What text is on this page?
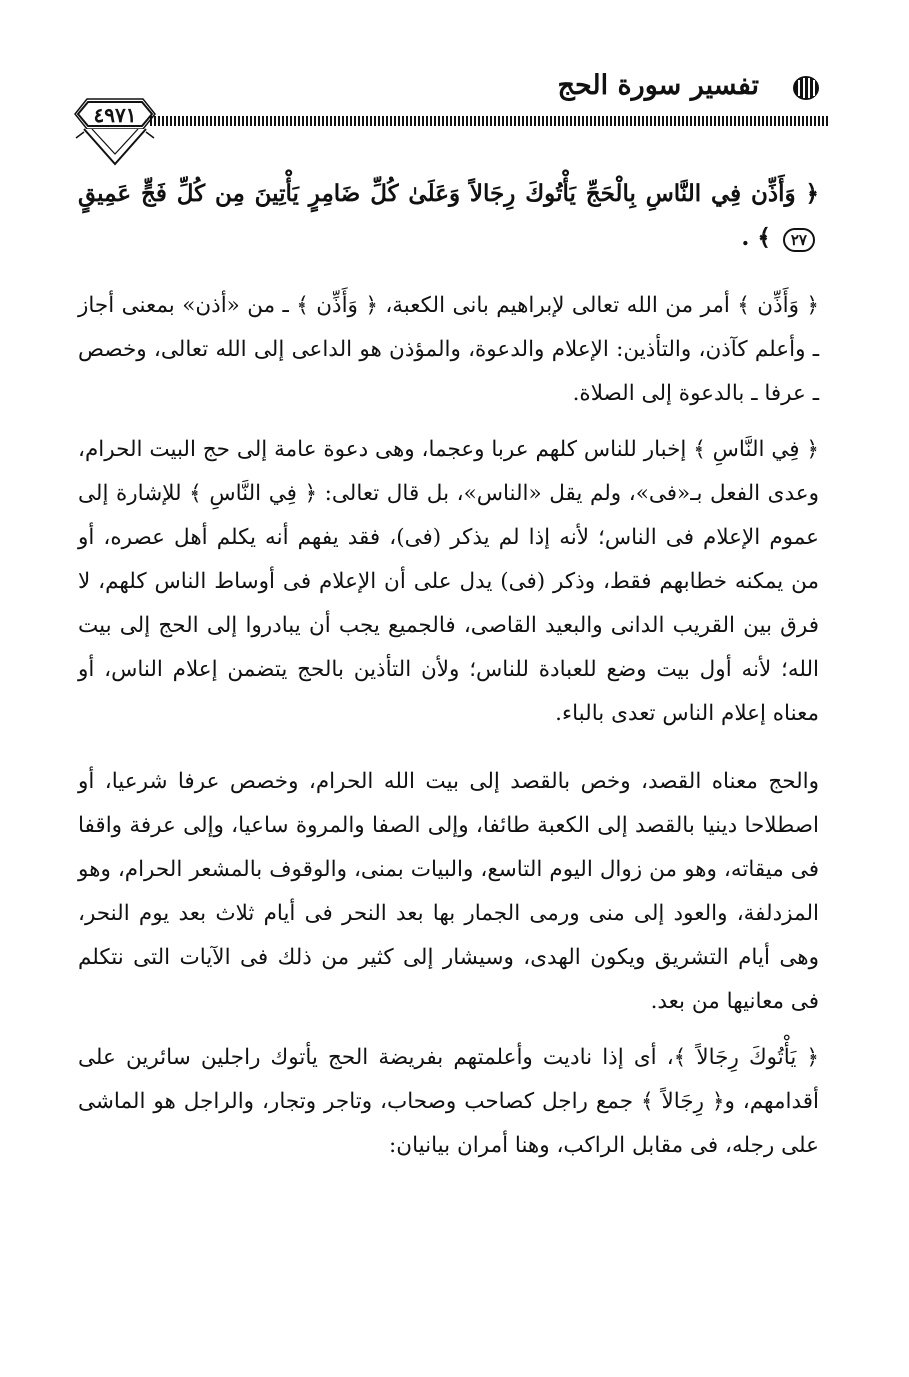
تفسير سورة الحج
٤٩٧١

﴿ وَأَذِّن فِي النَّاسِ بِالْحَجِّ يَأْتُوكَ رِجَالاً وَعَلَىٰ كُلِّ ضَامِرٍ يَأْتِينَ مِن كُلِّ فَجٍّ عَمِيقٍ ٢٧ ﴾ .

﴿ وَأَذِّن ﴾ أمر من الله تعالى لإبراهيم بانى الكعبة، ﴿ وَأَذِّن ﴾ ـ من «أذن» بمعنى أجاز ـ وأعلم كآذن، والتأذين: الإعلام والدعوة، والمؤذن هو الداعى إلى الله تعالى، وخصص ـ عرفا ـ بالدعوة إلى الصلاة.

﴿ فِي النَّاسِ ﴾ إخبار للناس كلهم عربا وعجما، وهى دعوة عامة إلى حج البيت الحرام، وعدى الفعل بـ«فى»، ولم يقل «الناس»، بل قال تعالى: ﴿ فِي النَّاسِ ﴾ للإشارة إلى عموم الإعلام فى الناس؛ لأنه إذا لم يذكر (فى)، فقد يفهم أنه يكلم أهل عصره، أو من يمكنه خطابهم فقط، وذكر (فى) يدل على أن الإعلام فى أوساط الناس كلهم، لا فرق بين القريب الدانى والبعيد القاصى، فالجميع يجب أن يبادروا إلى الحج إلى بيت الله؛ لأنه أول بيت وضع للعبادة للناس؛ ولأن التأذين بالحج يتضمن إعلام الناس، أو معناه إعلام الناس تعدى بالباء.

والحج معناه القصد، وخص بالقصد إلى بيت الله الحرام، وخصص عرفا شرعيا، أو اصطلاحا دينيا بالقصد إلى الكعبة طائفا، وإلى الصفا والمروة ساعيا، وإلى عرفة واقفا فى ميقاته، وهو من زوال اليوم التاسع، والبيات بمنى، والوقوف بالمشعر الحرام، وهو المزدلفة، والعود إلى منى ورمى الجمار بها بعد النحر فى أيام ثلاث بعد يوم النحر، وهى أيام التشريق ويكون الهدى، وسيشار إلى كثير من ذلك فى الآيات التى نتكلم فى معانيها من بعد.

﴿ يَأْتُوكَ رِجَالاً ﴾، أى إذا ناديت وأعلمتهم بفريضة الحج يأتوك راجلين سائرين على أقدامهم، و﴿ رِجَالاً ﴾ جمع راجل كصاحب وصحاب، وتاجر وتجار، والراجل هو الماشى على رجله، فى مقابل الراكب، وهنا أمران بيانيان:
